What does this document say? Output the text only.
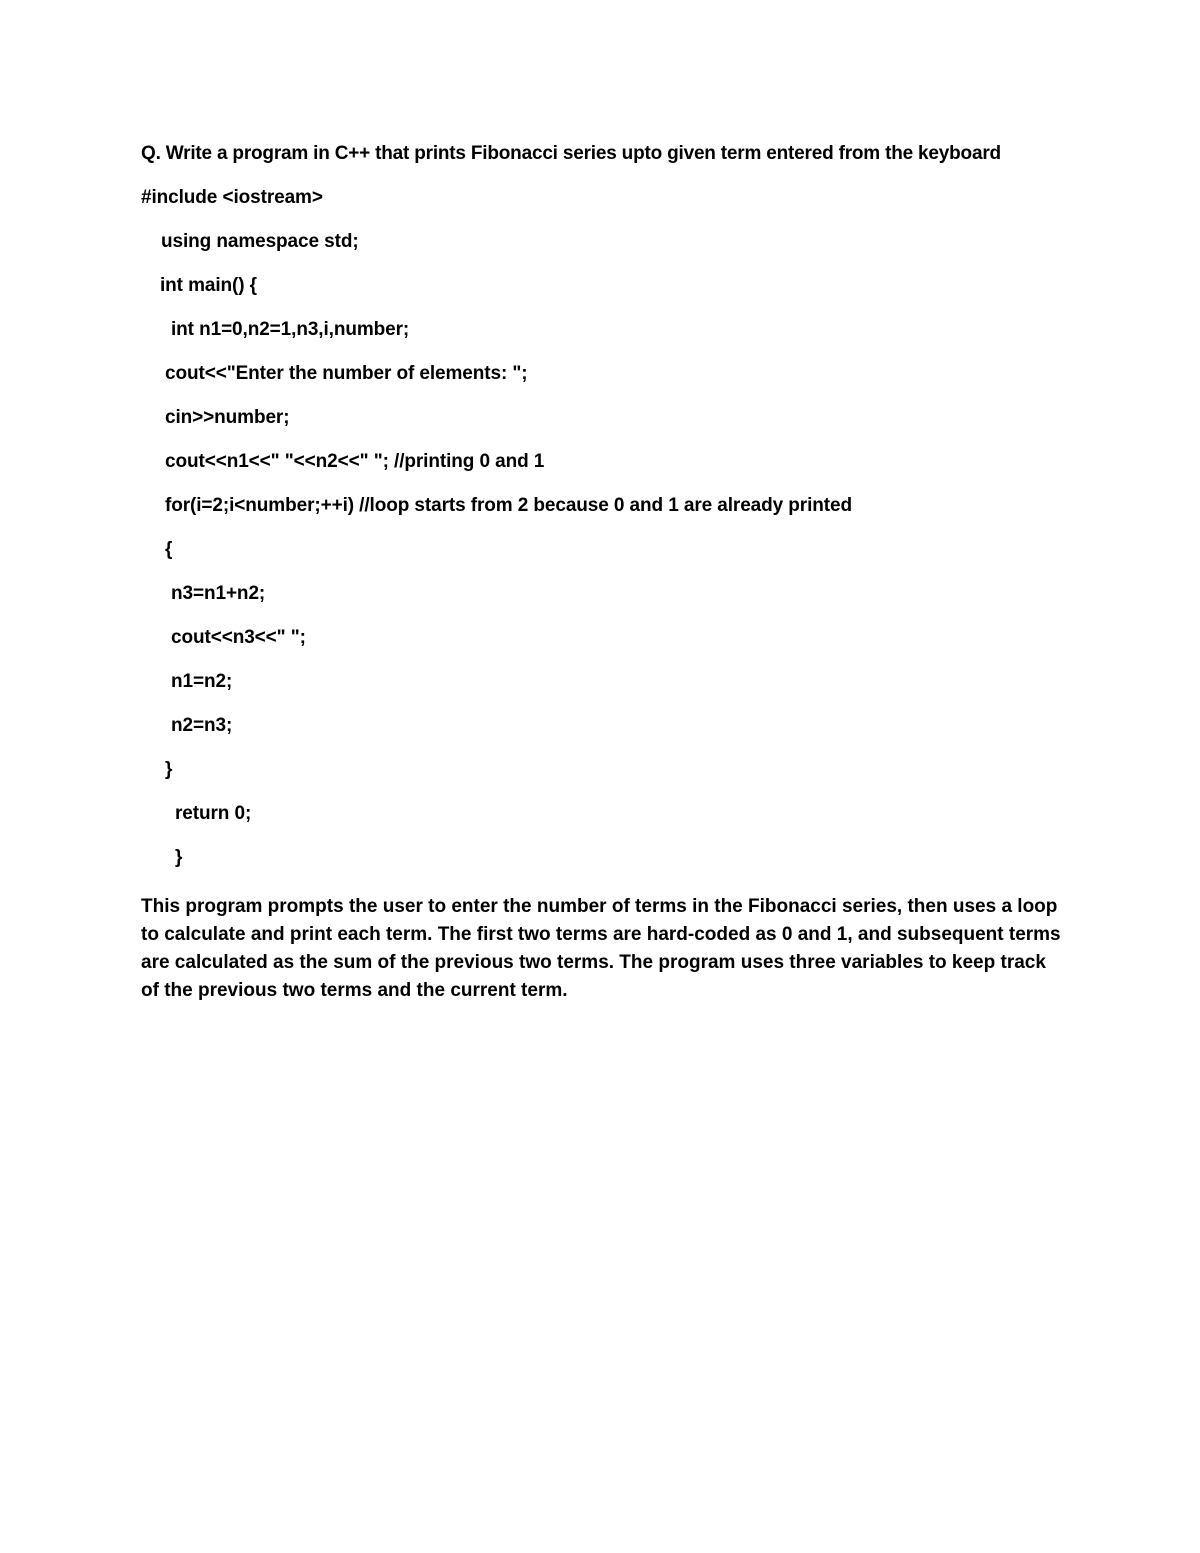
Q. Write a program in C++ that prints Fibonacci series upto given term entered from the keyboard
#include <iostream>
using namespace std;
int main() {
int n1=0,n2=1,n3,i,number;
cout<<"Enter the number of elements: ";
cin>>number;
cout<<n1<<" "<<n2<<" "; //printing 0 and 1
for(i=2;i<number;++i) //loop starts from 2 because 0 and 1 are already printed
{
n3=n1+n2;
cout<<n3<<" ";
n1=n2;
n2=n3;
}
return 0;
}
This program prompts the user to enter the number of terms in the Fibonacci series, then uses a loop
to calculate and print each term. The first two terms are hard-coded as 0 and 1, and subsequent terms
are calculated as the sum of the previous two terms. The program uses three variables to keep track
of the previous two terms and the current term.
